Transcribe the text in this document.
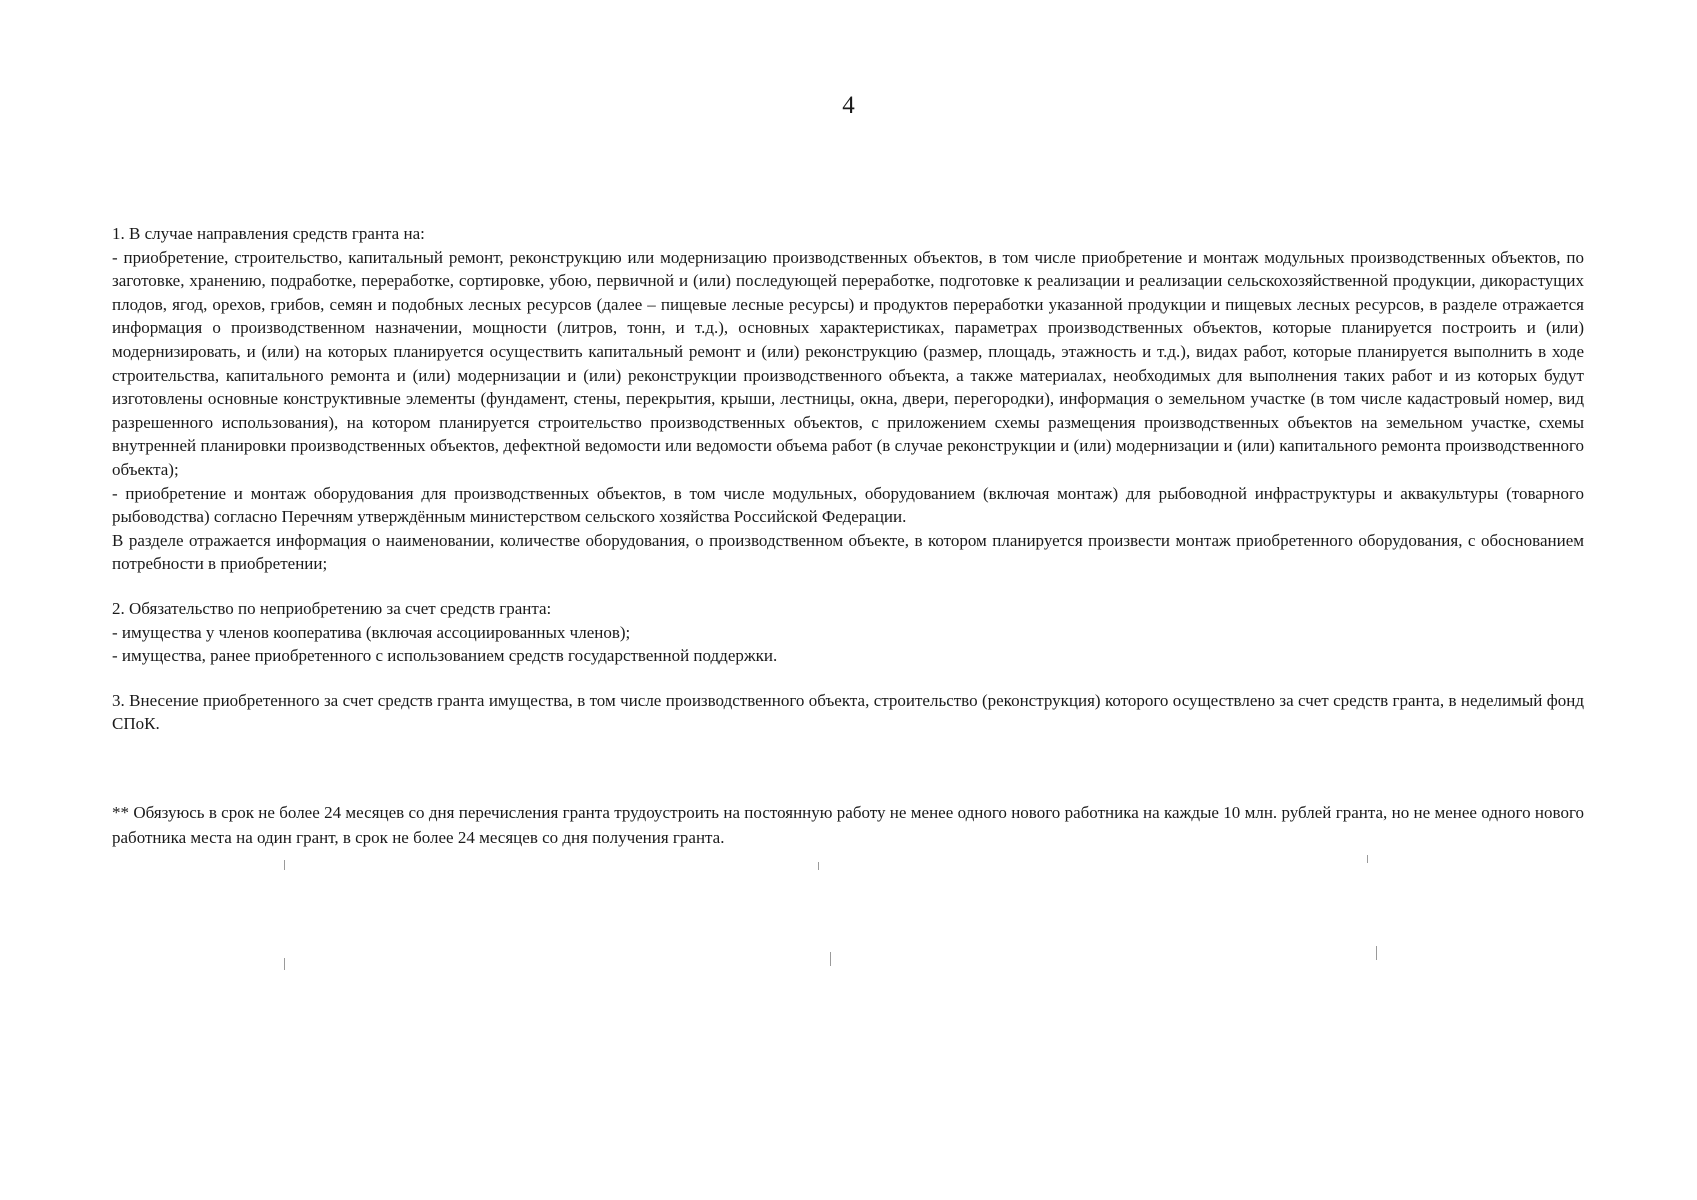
4

1. В случае направления средств гранта на:

- приобретение, строительство, капитальный ремонт, реконструкцию или модернизацию производственных объектов, в том числе приобретение и монтаж модульных производственных объектов, по заготовке, хранению, подработке, переработке, сортировке, убою, первичной и (или) последующей переработке, подготовке к реализации и реализации сельскохозяйственной продукции, дикорастущих плодов, ягод, орехов, грибов, семян и подобных лесных ресурсов (далее – пищевые лесные ресурсы) и продуктов переработки указанной продукции и пищевых лесных ресурсов, в разделе отражается информация о производственном назначении, мощности (литров, тонн, и т.д.), основных характеристиках, параметрах производственных объектов, которые планируется построить и (или) модернизировать, и (или) на которых планируется осуществить капитальный ремонт и (или) реконструкцию (размер, площадь, этажность и т.д.), видах работ, которые планируется выполнить в ходе строительства, капитального ремонта и (или) модернизации и (или) реконструкции производственного объекта, а также материалах, необходимых для выполнения таких работ и из которых будут изготовлены основные конструктивные элементы (фундамент, стены, перекрытия, крыши, лестницы, окна, двери, перегородки), информация о земельном участке (в том числе кадастровый номер, вид разрешенного использования), на котором планируется строительство производственных объектов, с приложением схемы размещения производственных объектов на земельном участке, схемы внутренней планировки производственных объектов, дефектной ведомости или ведомости объема работ (в случае реконструкции и (или) модернизации и (или) капитального ремонта производственного объекта);

- приобретение и монтаж оборудования для производственных объектов, в том числе модульных, оборудованием (включая монтаж) для рыбоводной инфраструктуры и аквакультуры (товарного рыбоводства) согласно Перечням утверждённым министерством сельского хозяйства Российской Федерации.

В разделе отражается информация о наименовании, количестве оборудования, о производственном объекте, в котором планируется произвести монтаж приобретенного оборудования, с обоснованием потребности в приобретении;

2. Обязательство по неприобретению за счет средств гранта:

- имущества у членов кооператива (включая ассоциированных членов);

- имущества, ранее приобретенного с использованием средств государственной поддержки.

3. Внесение приобретенного за счет средств гранта имущества, в том числе производственного объекта, строительство (реконструкция) которого осуществлено за счет средств гранта, в неделимый фонд СПоК.

** Обязуюсь в срок не более 24 месяцев со дня перечисления гранта трудоустроить на постоянную работу не менее одного нового работника на каждые 10 млн. рублей гранта, но не менее одного нового работника места на один грант, в срок не более 24 месяцев со дня получения гранта.
